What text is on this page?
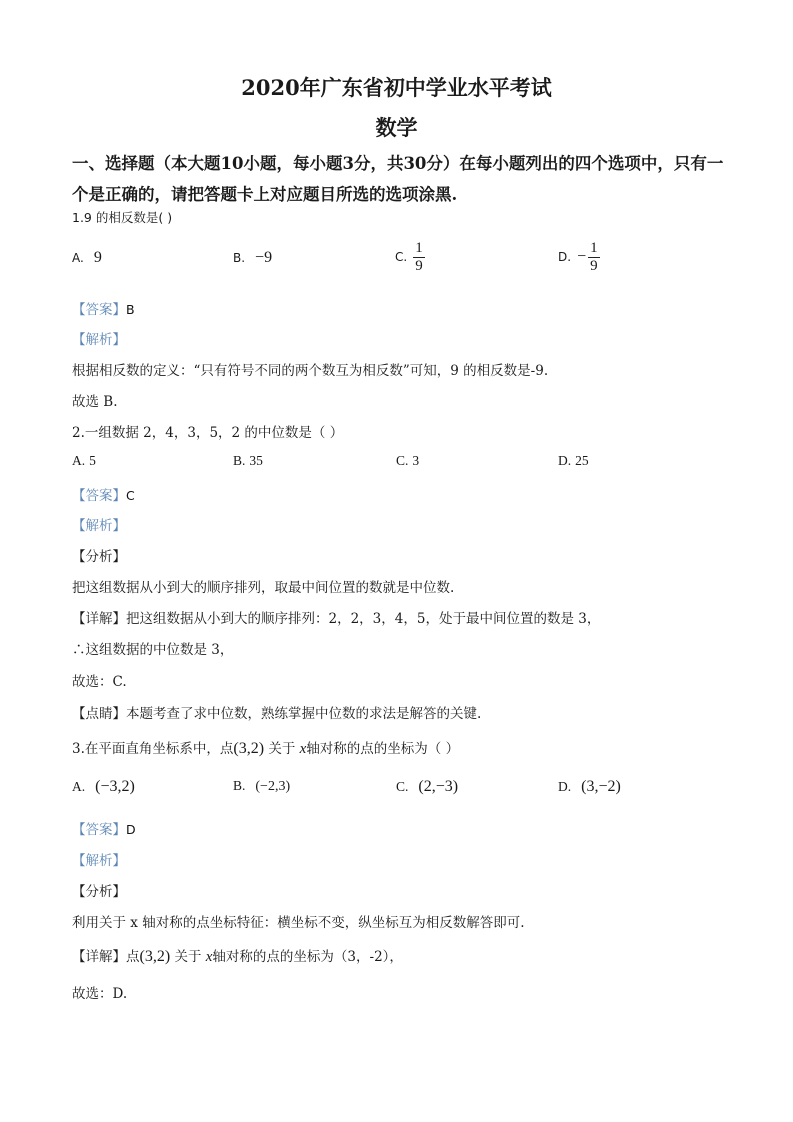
2020年广东省初中学业水平考试
数学
一、选择题（本大题10小题，每小题3分，共30分）在每小题列出的四个选项中，只有一
个是正确的，请把答题卡上对应题目所选的选项涂黑.
1.9 的相反数是( )
A. 9	B. −9	C. $\frac{1}{9}$	D. − $\frac{1}{9}$
【答案】B
【解析】
根据相反数的定义：“只有符号不同的两个数互为相反数”可知，9 的相反数是-9.
故选 B.
2.一组数据 2，4，3，5，2 的中位数是（ ）
A. 5	B. 35	C. 3	D. 25
【答案】C
【解析】
【分析】
把这组数据从小到大的顺序排列，取最中间位置的数就是中位数.
【详解】把这组数据从小到大的顺序排列：2，2，3，4，5，处于最中间位置的数是 3，
∴这组数据的中位数是 3，
故选：C.
【点睛】本题考查了求中位数，熟练掌握中位数的求法是解答的关键.
3.在平面直角坐标系中，点(3,2) 关于 x轴对称的点的坐标为（ ）
A. (−3,2)	B. (−2,3)	C. (2,−3)	D. (3,−2)
【答案】D
【解析】
【分析】
利用关于 x 轴对称的点坐标特征：横坐标不变，纵坐标互为相反数解答即可.
【详解】点(3,2) 关于 x轴对称的点的坐标为（3，-2），
故选：D.
